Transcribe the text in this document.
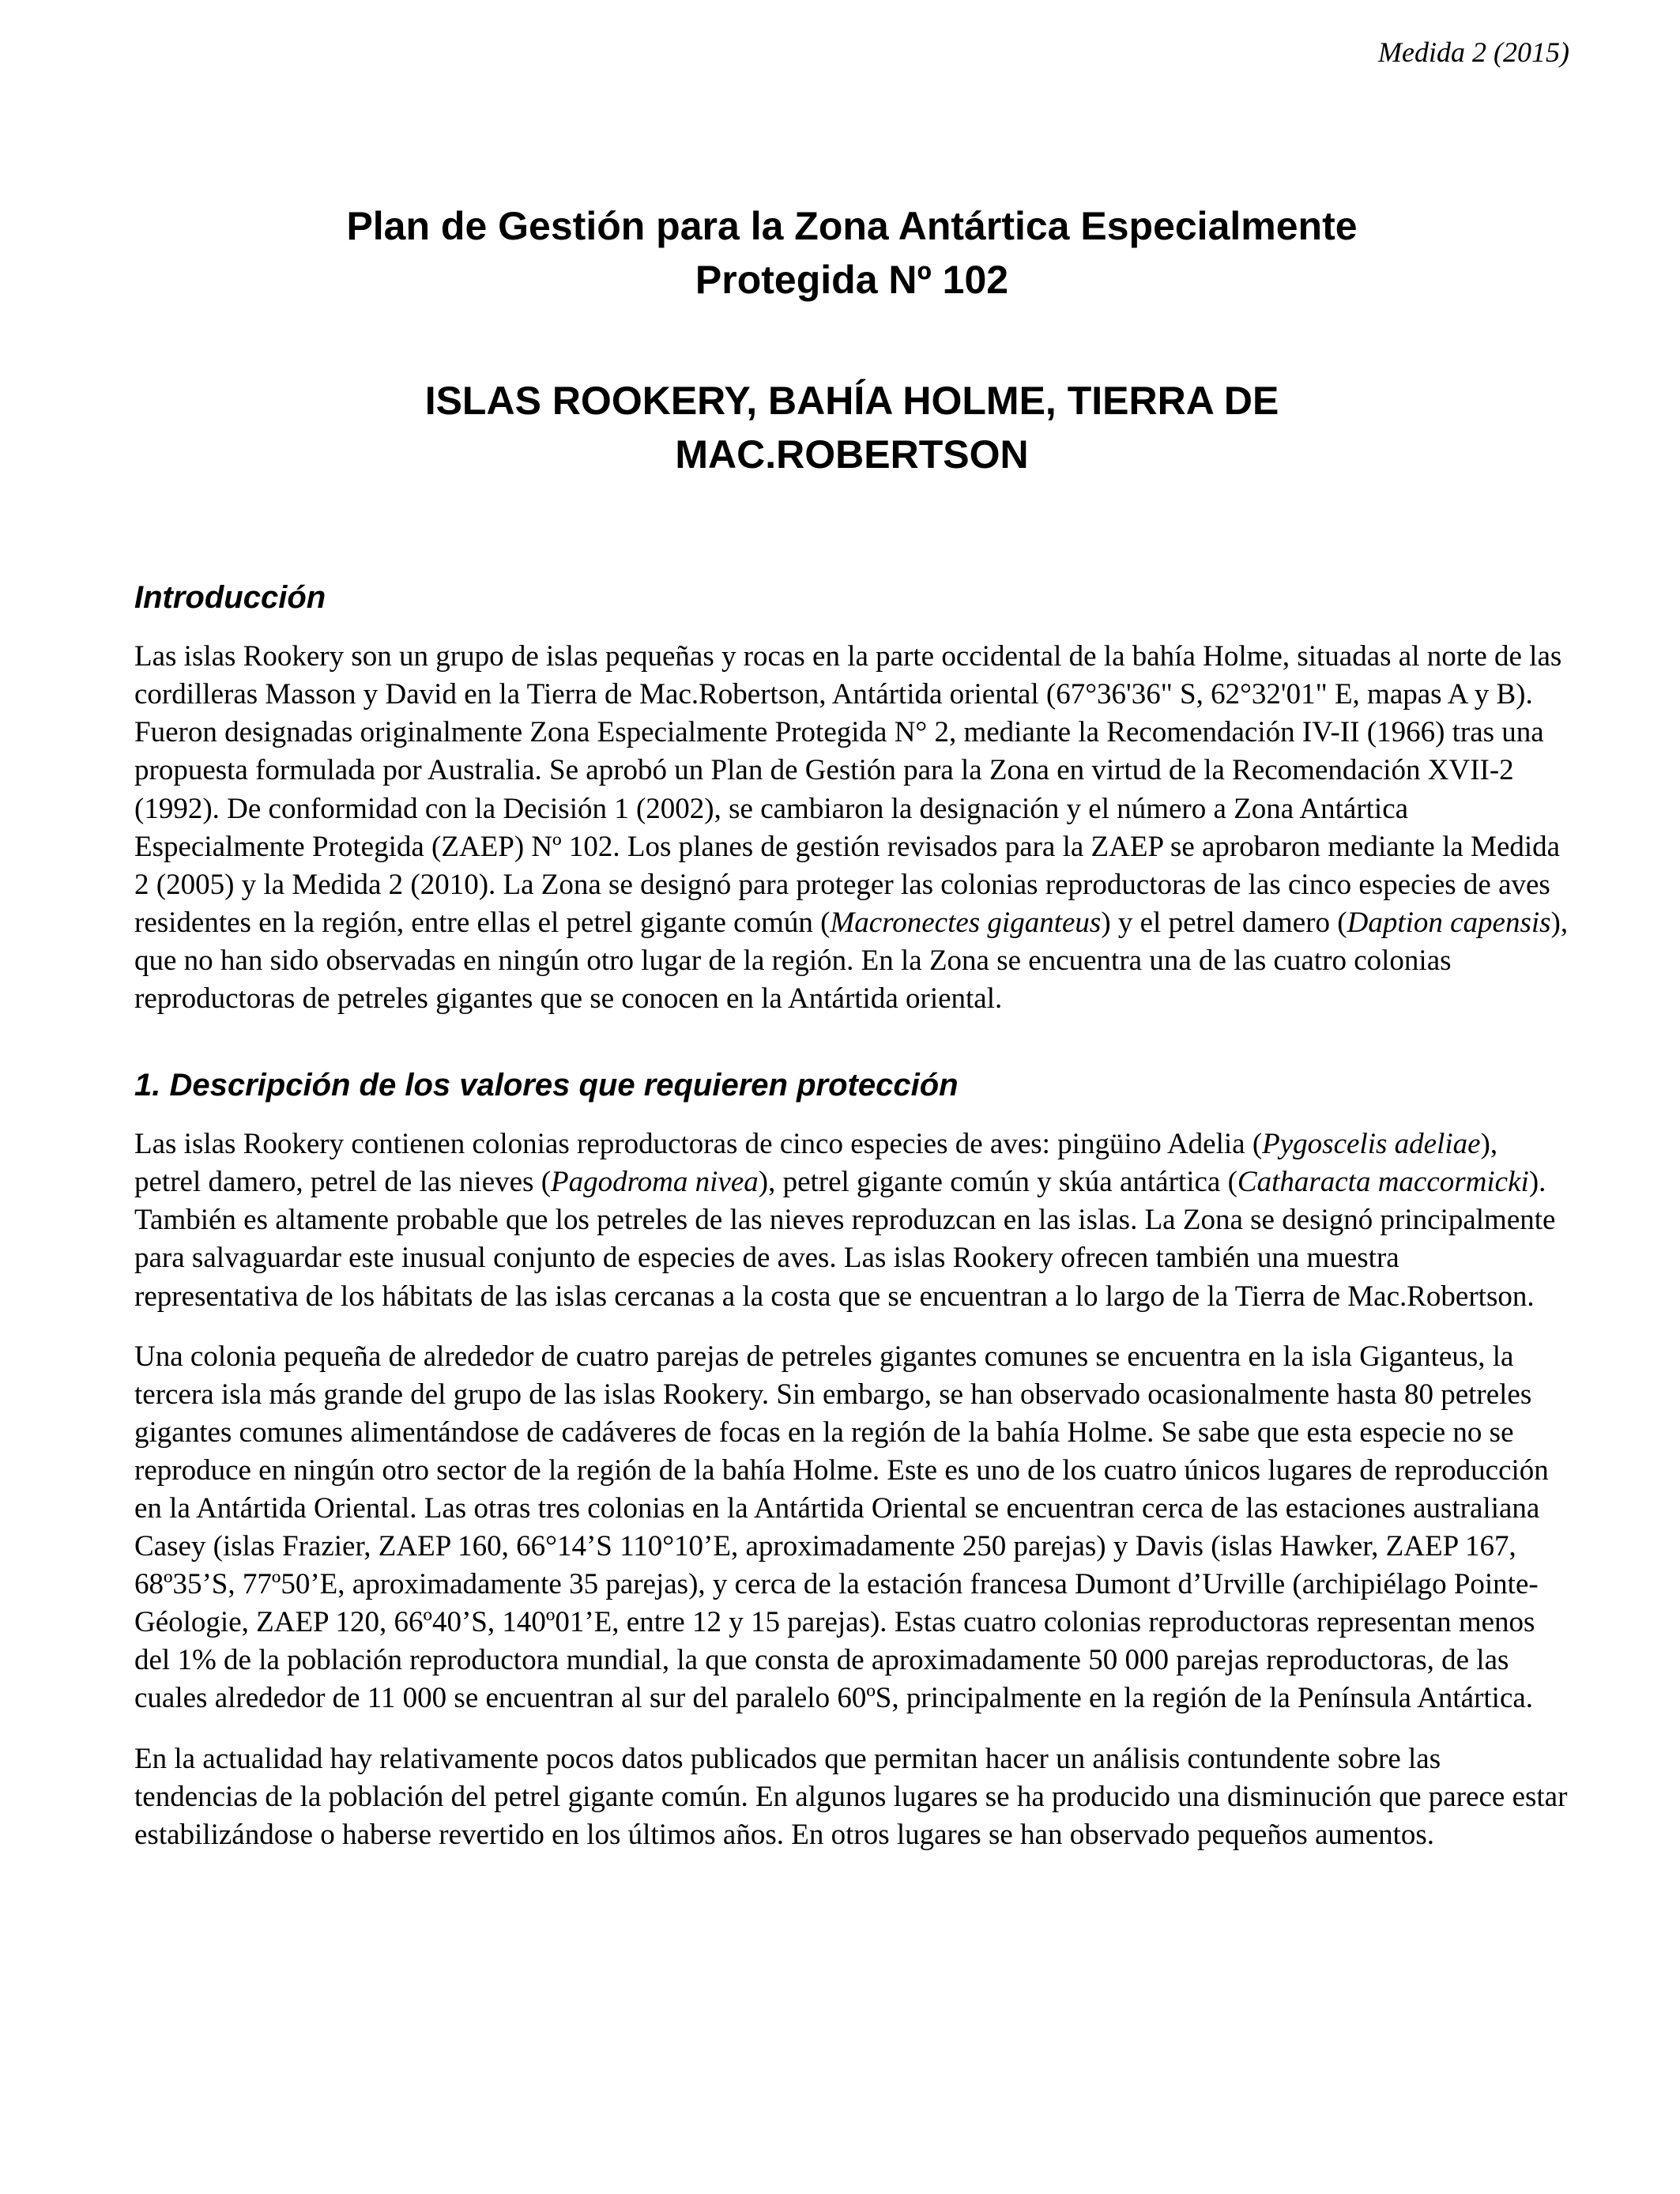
Medida 2 (2015)
Plan de Gestión para la Zona Antártica Especialmente Protegida Nº 102
ISLAS ROOKERY, BAHÍA HOLME, TIERRA DE MAC.ROBERTSON
Introducción

Las islas Rookery son un grupo de islas pequeñas y rocas en la parte occidental de la bahía Holme, situadas al norte de las cordilleras Masson y David en la Tierra de Mac.Robertson, Antártida oriental (67°36'36" S, 62°32'01" E, mapas A y B). Fueron designadas originalmente Zona Especialmente Protegida N° 2, mediante la Recomendación IV-II (1966) tras una propuesta formulada por Australia. Se aprobó un Plan de Gestión para la Zona en virtud de la Recomendación XVII-2 (1992). De conformidad con la Decisión 1 (2002), se cambiaron la designación y el número a Zona Antártica Especialmente Protegida (ZAEP) Nº 102. Los planes de gestión revisados para la ZAEP se aprobaron mediante la Medida 2 (2005) y la Medida 2 (2010). La Zona se designó para proteger las colonias reproductoras de las cinco especies de aves residentes en la región, entre ellas el petrel gigante común (Macronectes giganteus) y el petrel damero (Daption capensis), que no han sido observadas en ningún otro lugar de la región. En la Zona se encuentra una de las cuatro colonias reproductoras de petreles gigantes que se conocen en la Antártida oriental.

1. Descripción de los valores que requieren protección

Las islas Rookery contienen colonias reproductoras de cinco especies de aves: pingüino Adelia (Pygoscelis adeliae), petrel damero, petrel de las nieves (Pagodroma nivea), petrel gigante común y skúa antártica (Catharacta maccormicki). También es altamente probable que los petreles de las nieves reproduzcan en las islas. La Zona se designó principalmente para salvaguardar este inusual conjunto de especies de aves. Las islas Rookery ofrecen también una muestra representativa de los hábitats de las islas cercanas a la costa que se encuentran a lo largo de la Tierra de Mac.Robertson.

Una colonia pequeña de alrededor de cuatro parejas de petreles gigantes comunes se encuentra en la isla Giganteus, la tercera isla más grande del grupo de las islas Rookery. Sin embargo, se han observado ocasionalmente hasta 80 petreles gigantes comunes alimentándose de cadáveres de focas en la región de la bahía Holme. Se sabe que esta especie no se reproduce en ningún otro sector de la región de la bahía Holme. Este es uno de los cuatro únicos lugares de reproducción en la Antártida Oriental. Las otras tres colonias en la Antártida Oriental se encuentran cerca de las estaciones australiana Casey (islas Frazier, ZAEP 160, 66°14’S 110°10’E, aproximadamente 250 parejas) y Davis (islas Hawker, ZAEP 167, 68º35’S, 77º50’E, aproximadamente 35 parejas), y cerca de la estación francesa Dumont d’Urville (archipiélago Pointe-Géologie, ZAEP 120, 66º40’S, 140º01’E, entre 12 y 15 parejas). Estas cuatro colonias reproductoras representan menos del 1% de la población reproductora mundial, la que consta de aproximadamente 50 000 parejas reproductoras, de las cuales alrededor de 11 000 se encuentran al sur del paralelo 60ºS, principalmente en la región de la Península Antártica.

En la actualidad hay relativamente pocos datos publicados que permitan hacer un análisis contundente sobre las tendencias de la población del petrel gigante común. En algunos lugares se ha producido una disminución que parece estar estabilizándose o haberse revertido en los últimos años. En otros lugares se han observado pequeños aumentos.
